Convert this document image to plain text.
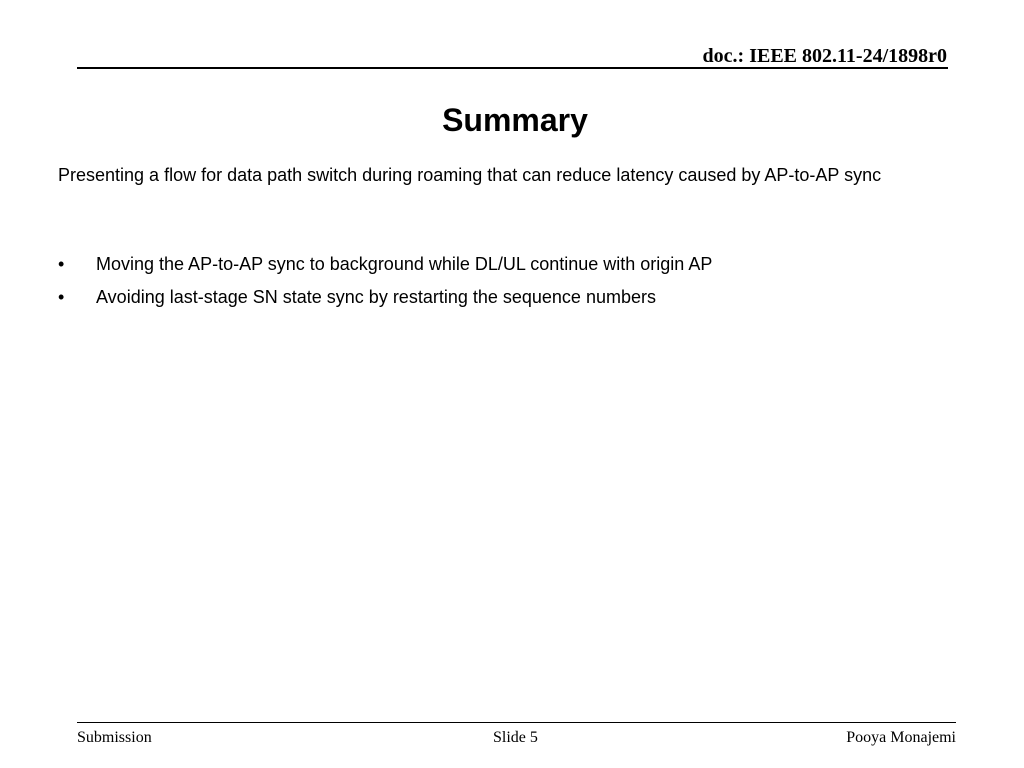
doc.: IEEE 802.11-24/1898r0
Summary
Presenting a flow for data path switch during roaming that can reduce latency caused by AP-to-AP sync
• Moving the AP-to-AP sync to background while DL/UL continue with origin AP
• Avoiding last-stage SN state sync by restarting the sequence numbers
Submission	Slide 5	Pooya Monajemi
